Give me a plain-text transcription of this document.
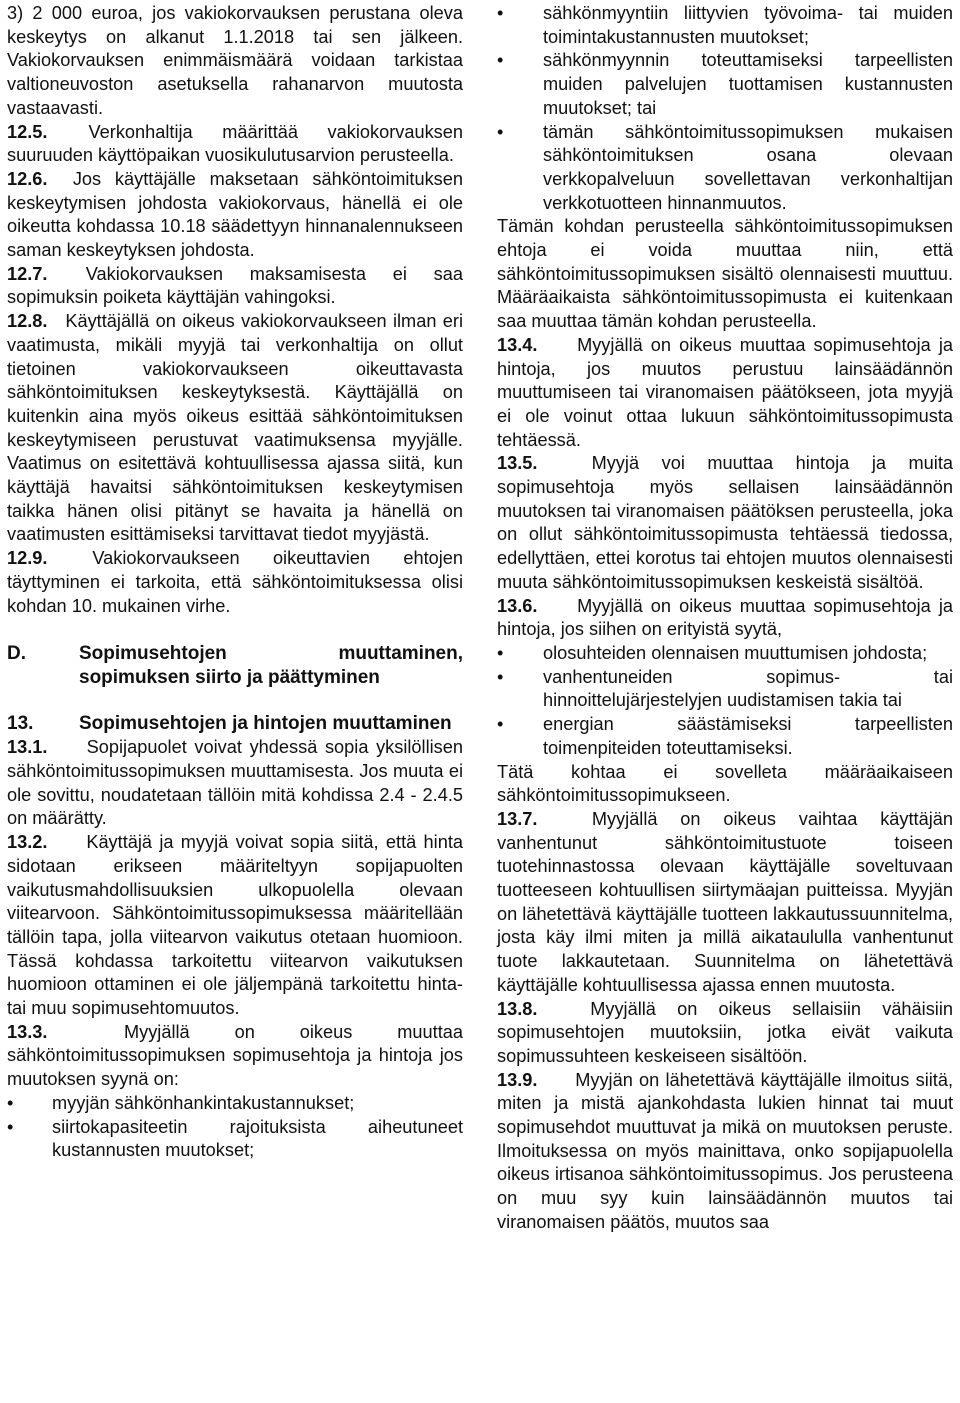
3) 2 000 euroa, jos vakiokorvauksen perustana oleva keskeytys on alkanut 1.1.2018 tai sen jälkeen. Vakiokorvauksen enimmäismäärä voidaan tarkistaa valtioneuvoston asetuksella rahanarvon muutosta vastaavasti.

12.5. Verkonhaltija määrittää vakiokorvauksen suuruuden käyttöpaikan vuosikulutusarvion perusteella.

12.6. Jos käyttäjälle maksetaan sähköntoimituksen keskeytymisen johdosta vakiokorvaus, hänellä ei ole oikeutta kohdassa 10.18 säädettyyn hinnanalennukseen saman keskeytyksen johdosta.

12.7. Vakiokorvauksen maksamisesta ei saa sopimuksin poiketa käyttäjän vahingoksi.

12.8. Käyttäjällä on oikeus vakiokorvaukseen ilman eri vaatimusta, mikäli myyjä tai verkonhaltija on ollut tietoinen vakiokorvaukseen oikeuttavasta sähköntoimituksen keskeytyksestä. Käyttäjällä on kuitenkin aina myös oikeus esittää sähköntoimituksen keskeytymiseen perustuvat vaatimuksensa myyjälle. Vaatimus on esitettävä kohtuullisessa ajassa siitä, kun käyttäjä havaitsi sähköntoimituksen keskeytymisen taikka hänen olisi pitänyt se havaita ja hänellä on vaatimusten esittämiseksi tarvittavat tiedot myyjästä.

12.9. Vakiokorvaukseen oikeuttavien ehtojen täyttyminen ei tarkoita, että sähköntoimituksessa olisi kohdan 10. mukainen virhe.

D.	Sopimusehtojen muuttaminen, sopimuksen siirto ja päättyminen
13.	Sopimusehtojen ja hintojen muuttaminen

13.1. Sopijapuolet voivat yhdessä sopia yksilöllisen sähköntoimitussopimuksen muuttamisesta. Jos muuta ei ole sovittu, noudatetaan tällöin mitä kohdissa 2.4 - 2.4.5 on määrätty.

13.2. Käyttäjä ja myyjä voivat sopia siitä, että hinta sidotaan erikseen määriteltyyn sopijapuolten vaikutusmahdollisuuksien ulkopuolella olevaan viitearvoon. Sähköntoimitussopimuksessa määritellään tällöin tapa, jolla viitearvon vaikutus otetaan huomioon. Tässä kohdassa tarkoitettu viitearvon vaikutuksen huomioon ottaminen ei ole jäljempänä tarkoitettu hinta- tai muu sopimusehtomuutos.

13.3.	Myyjällä on oikeus muuttaa sähköntoimitussopimuksen sopimusehtoja ja hintoja jos muutoksen syynä on:

• myyjän sähkönhankintakustannukset;
• siirtokapasiteetin rajoituksista aiheutuneet kustannusten muutokset;
• sähkönmyyntiin liittyvien työvoima- tai muiden toimintakustannusten muutokset;
• sähkönmyynnin toteuttamiseksi tarpeellisten muiden palvelujen tuottamisen kustannusten muutokset; tai
• tämän sähköntoimitussopimuksen mukaisen sähköntoimituksen osana olevaan verkkopalveluun sovellettavan verkonhaltijan verkkotuotteen hinnanmuutos.

Tämän kohdan perusteella sähköntoimitussopimuksen ehtoja ei voida muuttaa niin, että sähköntoimitussopimuksen sisältö olennaisesti muuttuu. Määräaikaista sähköntoimitussopimusta ei kuitenkaan saa muuttaa tämän kohdan perusteella.

13.4. Myyjällä on oikeus muuttaa sopimusehtoja ja hintoja, jos muutos perustuu lainsäädännön muuttumiseen tai viranomaisen päätökseen, jota myyjä ei ole voinut ottaa lukuun sähköntoimitussopimusta tehtäessä.

13.5.	Myyjä voi muuttaa hintoja ja muita sopimusehtoja myös sellaisen lainsäädännön muutoksen tai viranomaisen päätöksen perusteella, joka on ollut sähköntoimitussopimusta tehtäessä tiedossa, edellyttäen, ettei korotus tai ehtojen muutos olennaisesti muuta sähköntoimitussopimuksen keskeistä sisältöä.

13.6. Myyjällä on oikeus muuttaa sopimusehtoja ja hintoja, jos siihen on erityistä syytä,

• olosuhteiden olennaisen muuttumisen johdosta;
• vanhentuneiden sopimus- tai hinnoittelujärjestelyjen uudistamisen takia tai
• energian säästämiseksi tarpeellisten toimenpiteiden toteuttamiseksi.

Tätä kohtaa ei sovelleta määräaikaiseen sähköntoimitussopimukseen.

13.7.	Myyjällä on oikeus vaihtaa käyttäjän vanhentunut sähköntoimitustuote toiseen tuotehinnastossa olevaan käyttäjälle soveltuvaan tuotteeseen kohtuullisen siirtymäajan puitteissa. Myyjän on lähetettävä käyttäjälle tuotteen lakkautussuunnitelma, josta käy ilmi miten ja millä aikataululla vanhentunut tuote lakkautetaan. Suunnitelma on lähetettävä käyttäjälle kohtuullisessa ajassa ennen muutosta.

13.8.	Myyjällä on oikeus sellaisiin vähäisiin sopimusehtojen muutoksiin, jotka eivät vaikuta sopimussuhteen keskeiseen sisältöön.

13.9. Myyjän on lähetettävä käyttäjälle ilmoitus siitä, miten ja mistä ajankohdasta lukien hinnat tai muut sopimusehdot muuttuvat ja mikä on muutoksen peruste. Ilmoituksessa on myös mainittava, onko sopijapuolella oikeus irtisanoa sähköntoimitussopimus. Jos perusteena on muu syy kuin lainsäädännön muutos tai viranomaisen päätös, muutos saa
